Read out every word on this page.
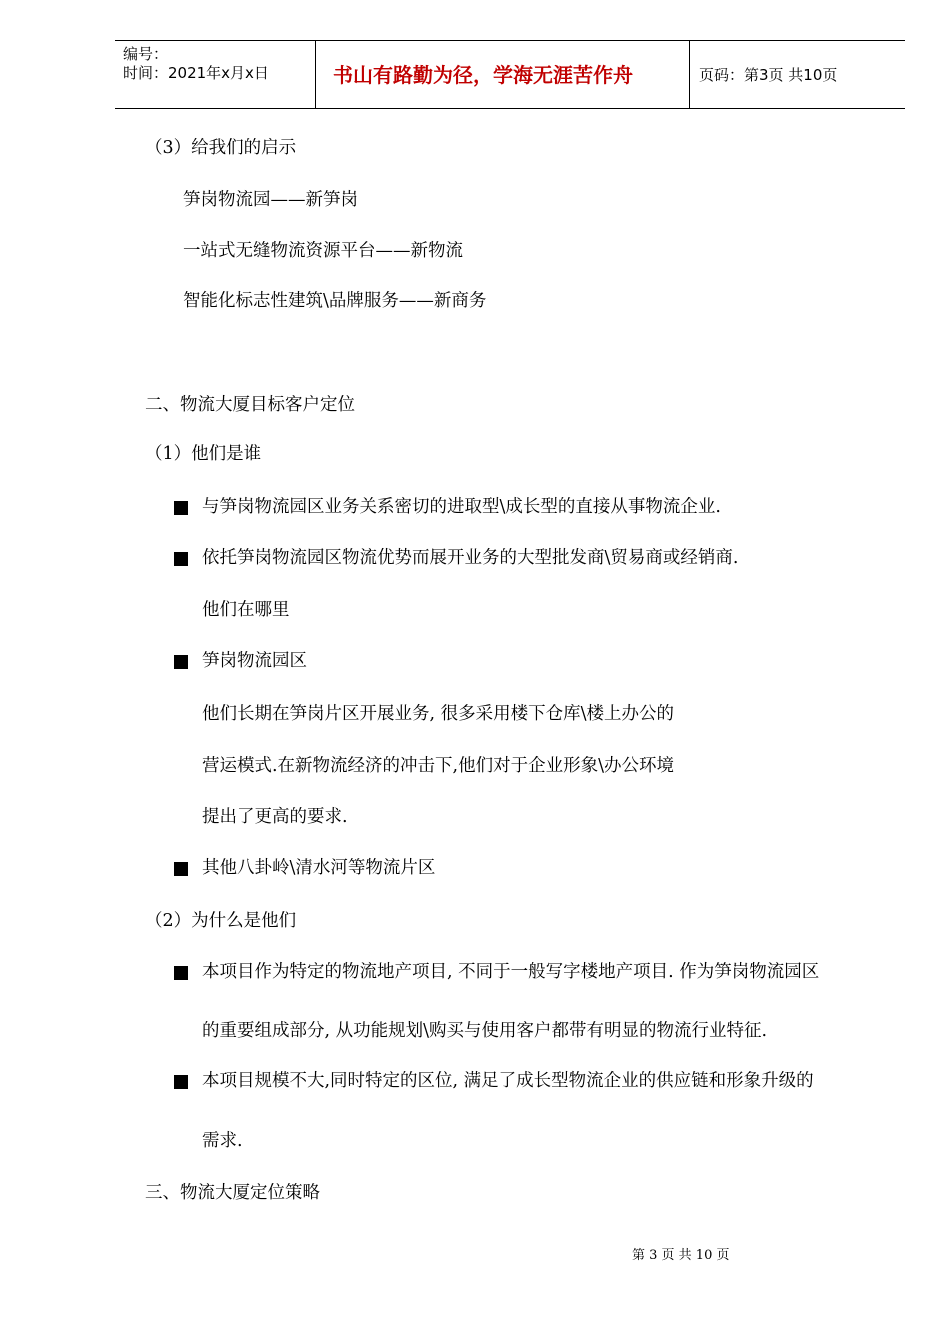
编号：
时间：2021年x月x日	书山有路勤为径，学海无涯苦作舟	页码：第3页 共10页
（3）给我们的启示
笋岗物流园——新笋岗
一站式无缝物流资源平台——新物流
智能化标志性建筑\品牌服务——新商务
二、物流大厦目标客户定位
（1）他们是谁
与笋岗物流园区业务关系密切的进取型\成长型的直接从事物流企业.
依托笋岗物流园区物流优势而展开业务的大型批发商\贸易商或经销商.
他们在哪里
笋岗物流园区
他们长期在笋岗片区开展业务, 很多采用楼下仓库\楼上办公的
营运模式.在新物流经济的冲击下,他们对于企业形象\办公环境
提出了更高的要求.
其他八卦岭\清水河等物流片区
（2）为什么是他们
本项目作为特定的物流地产项目, 不同于一般写字楼地产项目. 作为笋岗物流园区
的重要组成部分, 从功能规划\购买与使用客户都带有明显的物流行业特征.
本项目规模不大,同时特定的区位, 满足了成长型物流企业的供应链和形象升级的
需求.
三、物流大厦定位策略
第 3 页 共 10 页
